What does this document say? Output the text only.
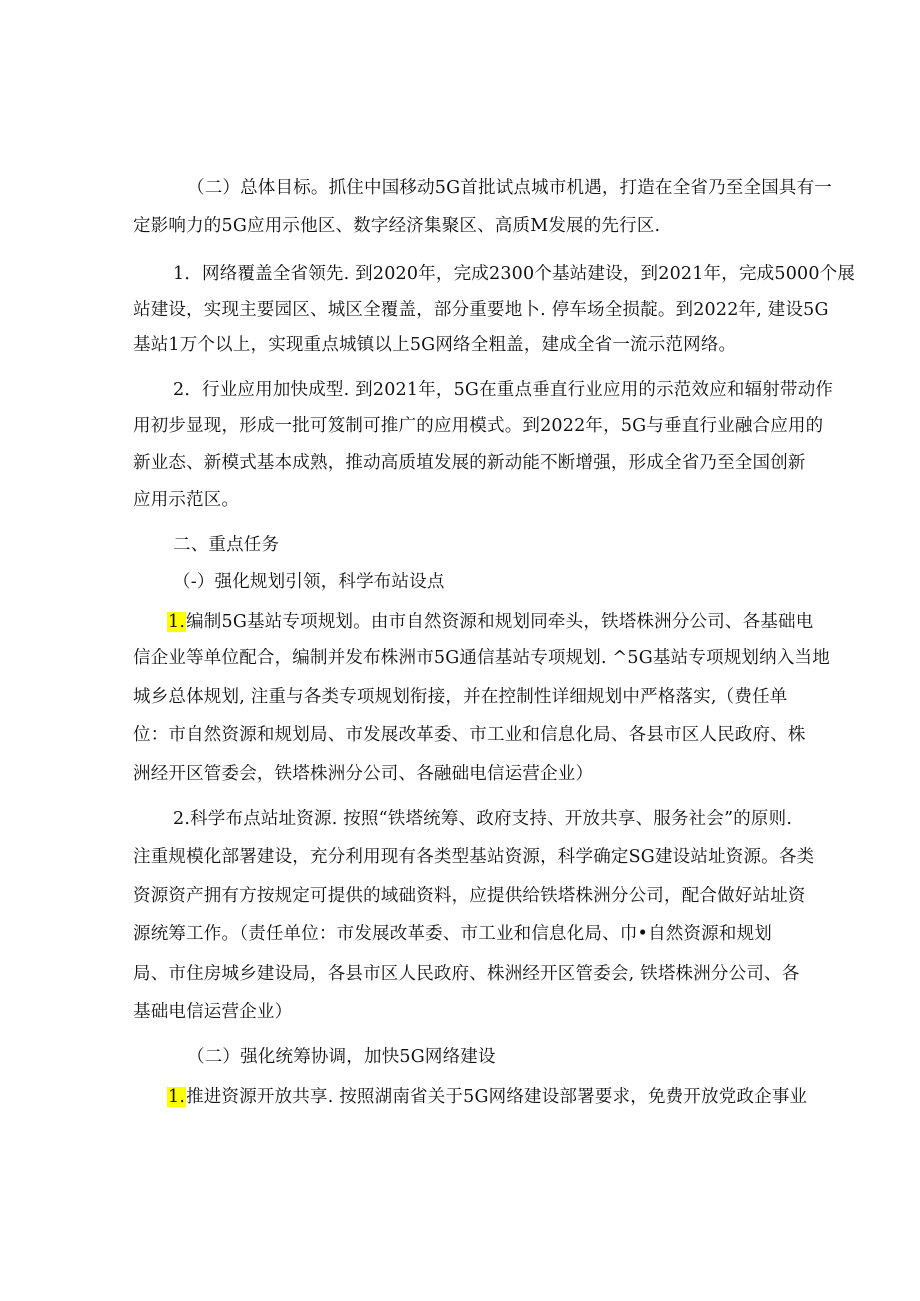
（二）总体目标。抓住中国移动5G首批试点城市机遇，打造在全省乃至全国具有一
定影响力的5G应用示他区、数字经济集聚区、高质M发展的先行区.
1．网络覆盖全省领先. 到2020年，完成2300个基站建设，到2021年，完成5000个展
站建设，实现主要园区、城区全覆盖，部分重要地卜. 停车场全损靛。到2022年, 建设5G
基站1万个以上，实现重点城镇以上5G网络全粗盖，建成全省一流示范网络。
2．行业应用加快成型. 到2021年，5G在重点垂直行业应用的示范效应和辐射带动作
用初步显现，形成一批可笈制可推广的应用模式。到2022年，5G与垂直行业融合应用的
新业态、新模式基本成熟，推动高质埴发展的新动能不断增强，形成全省乃至全国创新
应用示范区。
二、重点任务
（-）强化规划引领，科学布站设点
1.编制5G基站专项规划。由市自然资源和规划同牵头，铁塔株洲分公司、各基础电
信企业等单位配合，编制并发布株洲市5G通信基站专项规划. ^5G基站专项规划纳入当地
城乡总体规划, 注重与各类专项规划衔接，并在控制性详细规划中严格落实,（费任单
位：市自然资源和规划局、市发展改革委、市工业和信息化局、各县市区人民政府、株
洲经开区管委会，铁塔株洲分公司、各融础电信运营企业）
2.科学布点站址资源. 按照“铁塔统筹、政府支持、开放共享、服务社会”的原则.
注重规模化部署建设，充分利用现有各类型基站资源，科学确定SG建设站址资源。各类
资源资产拥有方按规定可提供的域础资料，应提供给铁塔株洲分公司，配合做好站址资
源统筹工作。（责任单位：市发展改革委、市工业和信息化局、巾•自然资源和规划
局、市住房城乡建设局，各县市区人民政府、株洲经开区管委会, 铁塔株洲分公司、各
基础电信运营企业）
（二）强化统筹协调，加快5G网络建设
1.推进资源开放共享. 按照湖南省关于5G网络建设部署要求，免费开放党政企事业
